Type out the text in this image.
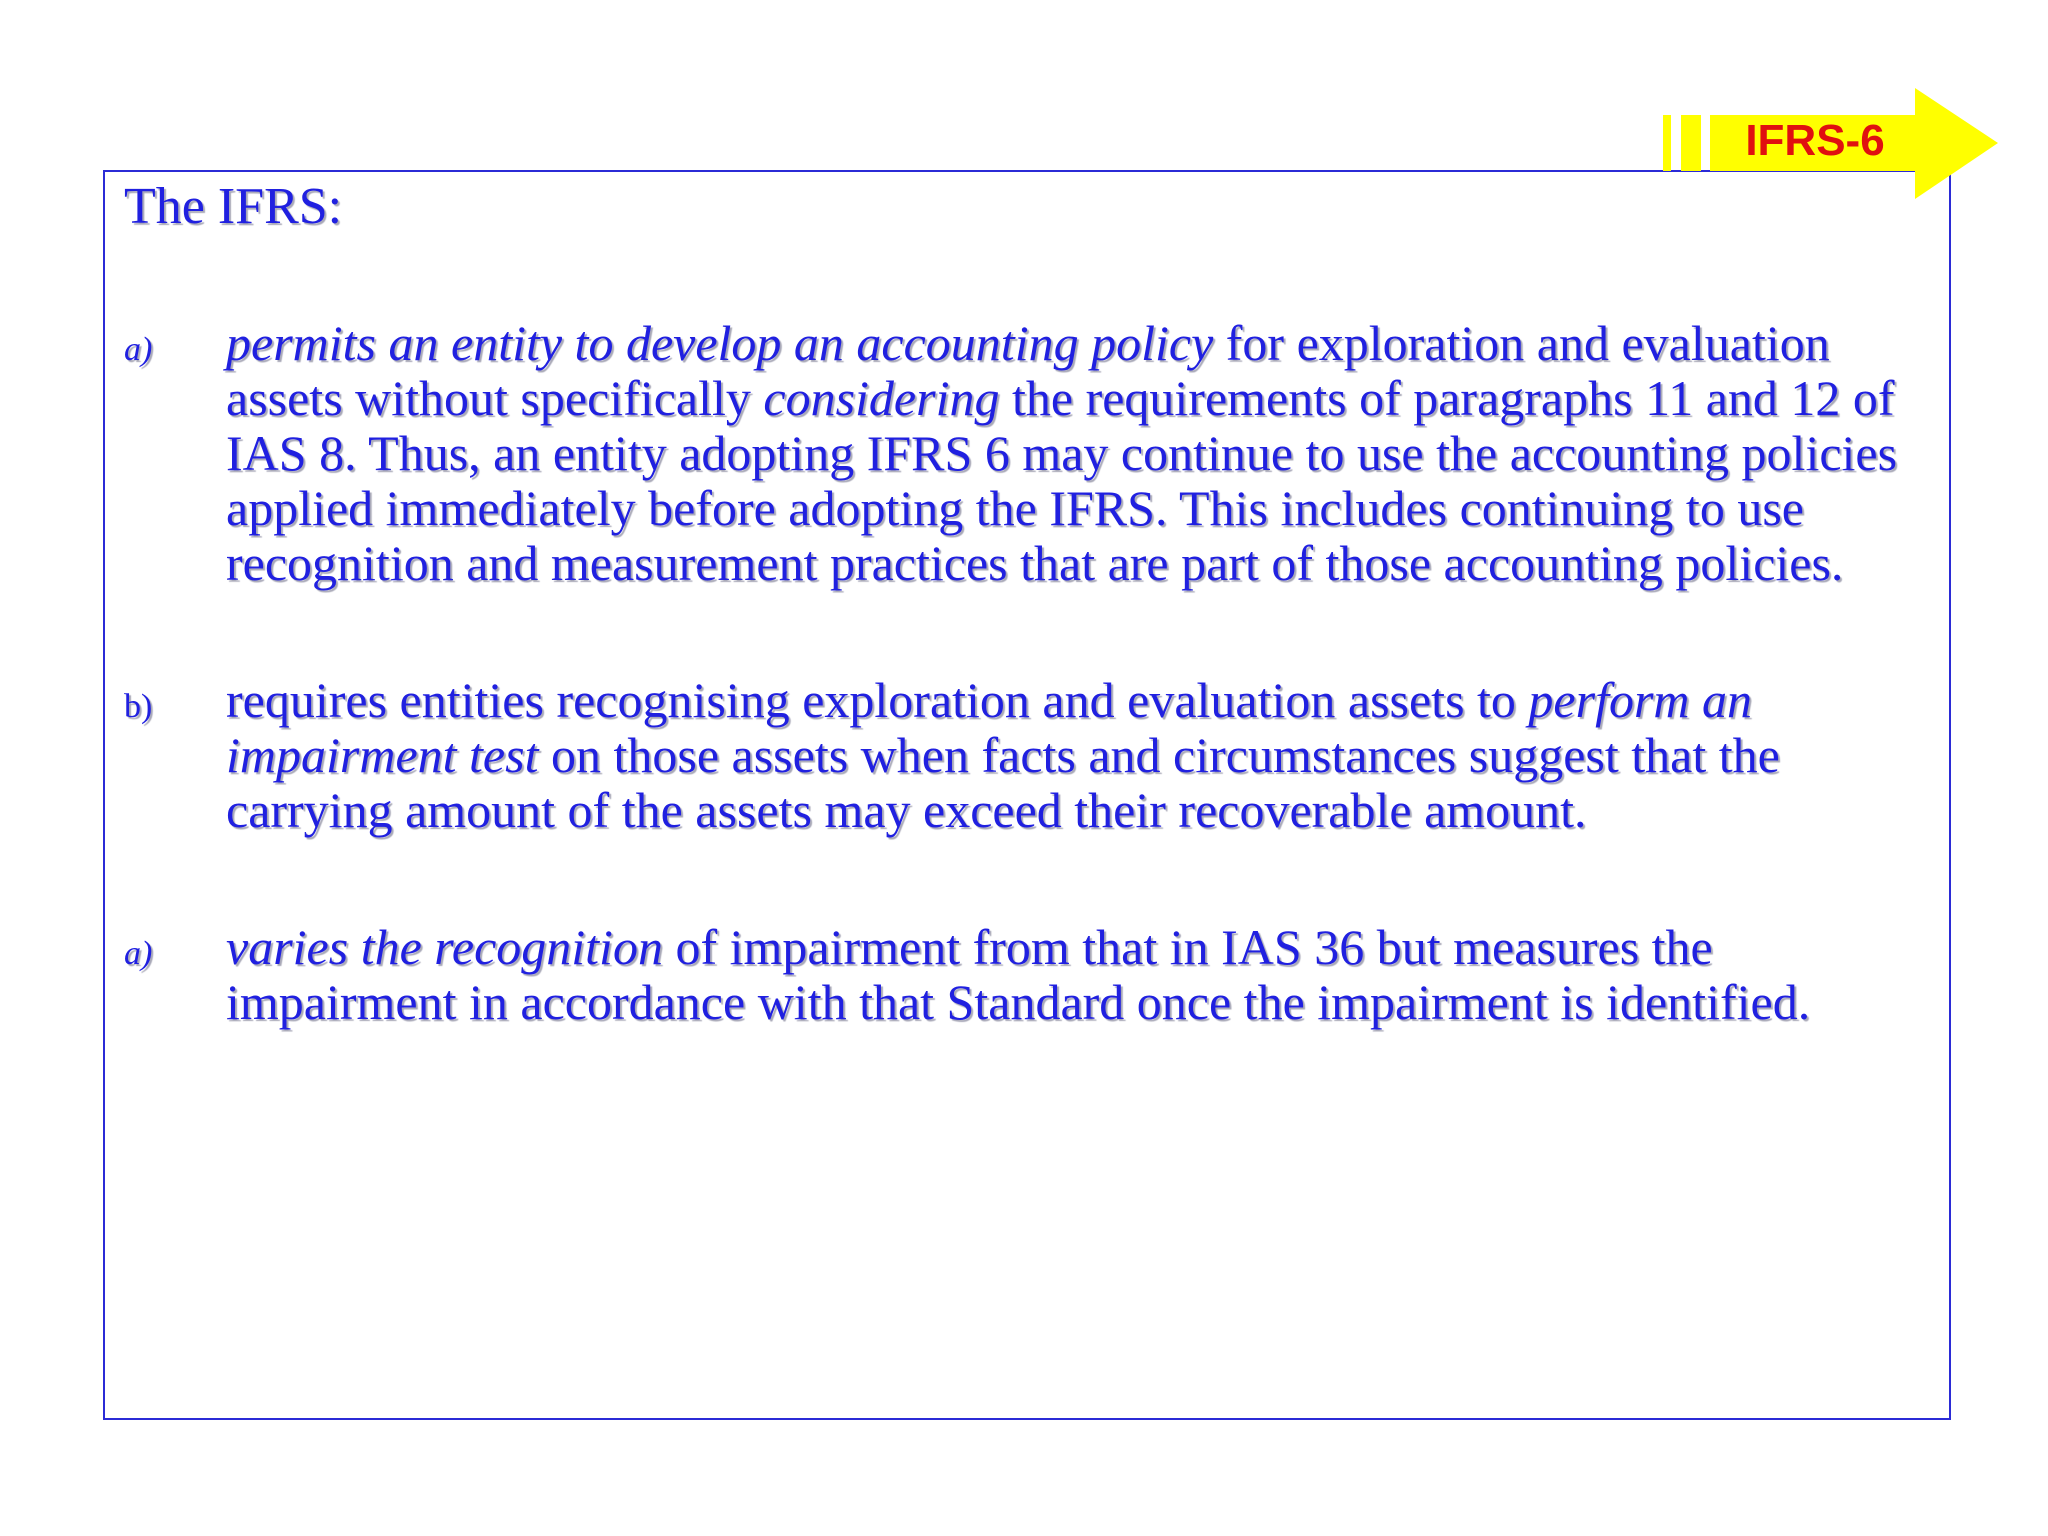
IFRS-6
The IFRS:
a) permits an entity to develop an accounting policy for exploration and evaluation assets without specifically considering the requirements of paragraphs 11 and 12 of IAS 8. Thus, an entity adopting IFRS 6 may continue to use the accounting policies applied immediately before adopting the IFRS. This includes continuing to use recognition and measurement practices that are part of those accounting policies.
b) requires entities recognising exploration and evaluation assets to perform an impairment test on those assets when facts and circumstances suggest that the carrying amount of the assets may exceed their recoverable amount.
a) varies the recognition of impairment from that in IAS 36 but measures the impairment in accordance with that Standard once the impairment is identified.
